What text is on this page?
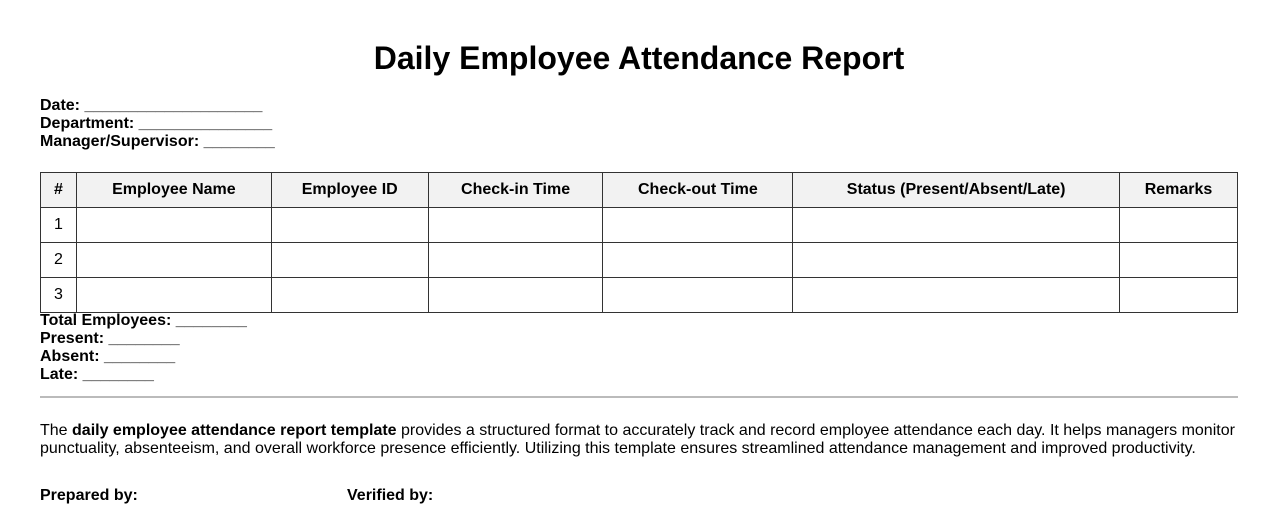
Daily Employee Attendance Report
Date: ____________________
Department: _______________
Manager/Supervisor: ________
#	Employee Name	Employee ID	Check-in Time	Check-out Time	Status (Present/Absent/Late)	Remarks
1						
2						
3						
Total Employees: ________
Present: ________
Absent: ________
Late: ________

The daily employee attendance report template provides a structured format to accurately track and record employee attendance each day. It helps managers monitor punctuality, absenteeism, and overall workforce presence efficiently. Utilizing this template ensures streamlined attendance management and improved productivity.

Prepared by:	Verified by:
